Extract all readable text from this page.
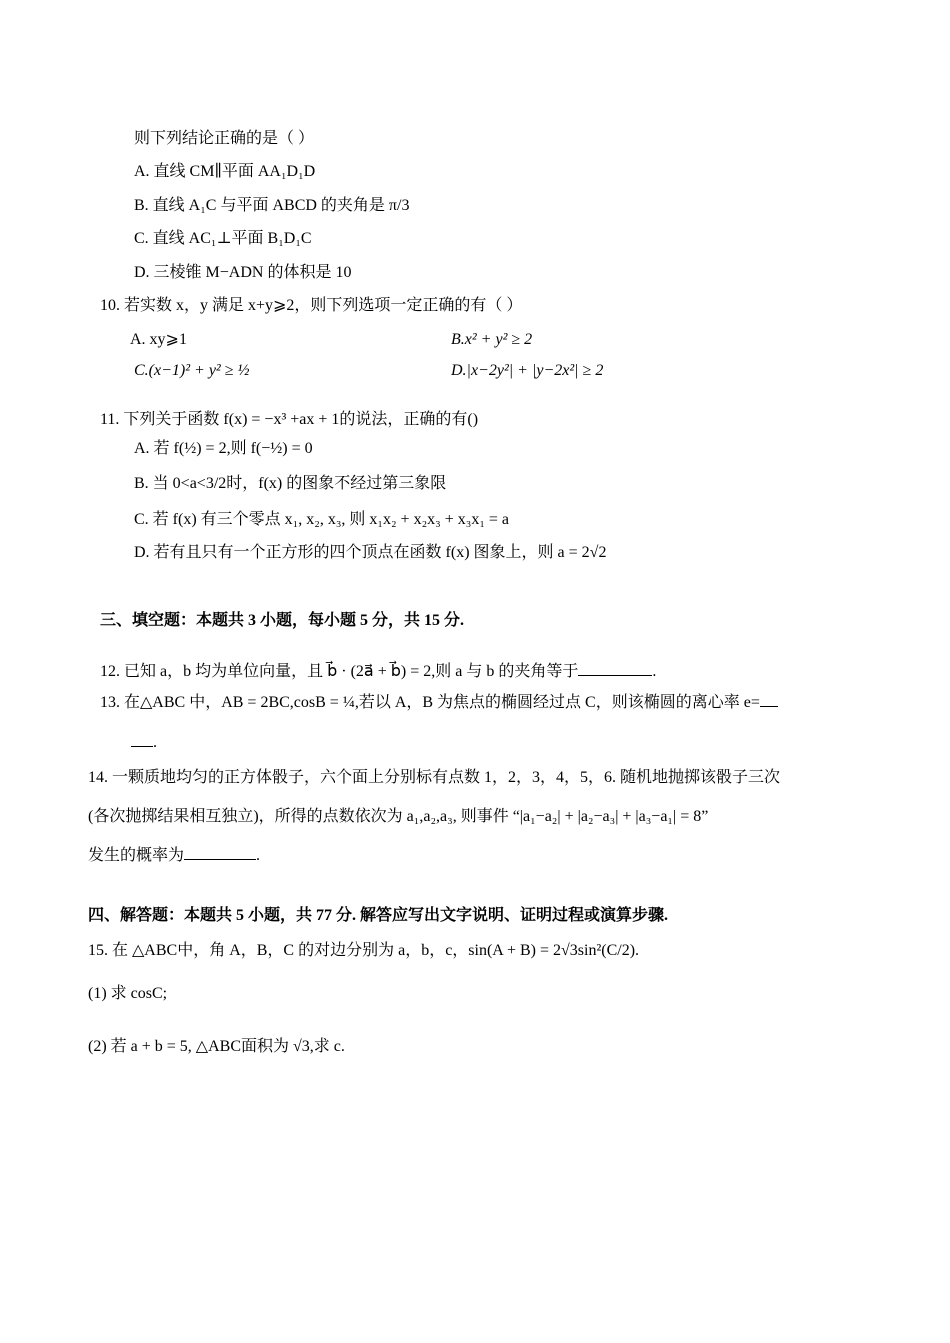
则下列结论正确的是（ ）
A. 直线 CM∥平面 AA₁D₁D
B. 直线 A₁C 与平面 ABCD 的夹角是 π/3
C. 直线 AC₁⊥平面 B₁D₁C
D. 三棱锥 M−ADN 的体积是 10
10. 若实数 x，y 满足 x+y⩾2，则下列选项一定正确的有（ ）
A. xy⩾1	B.x² + y² ≥ 2
C.(x−1)² + y² ≥ ½	D.|x−2y²| + |y−2x²| ≥ 2
11. 下列关于函数 f(x) = −x³ +ax + 1的说法，正确的有()
A. 若 f(½) = 2,则 f(−½) = 0
B. 当 0<a<3/2时，f(x) 的图象不经过第三象限
C. 若 f(x) 有三个零点 x₁, x₂, x₃, 则 x₁x₂ + x₂x₃ + x₃x₁ = a
D. 若有且只有一个正方形的四个顶点在函数 f(x) 图象上，则 a = 2√2
三、填空题：本题共 3 小题，每小题 5 分，共 15 分.
12. 已知 a，b 均为单位向量，且 b⃗ · (2a⃗ + b⃗) = 2,则 a 与 b 的夹角等于	.
13. 在△ABC 中，AB = 2BC,cosB = ¼,若以 A，B 为焦点的椭圆经过点 C，则该椭圆的离心率 e=
.
14. 一颗质地均匀的正方体骰子，六个面上分别标有点数 1，2，3，4，5，6. 随机地抛掷该骰子三次
(各次抛掷结果相互独立)，所得的点数依次为 a₁,a₂,a₃, 则事件 “|a₁−a₂| + |a₂−a₃| + |a₃−a₁| = 8”
发生的概率为	.
四、解答题：本题共 5 小题，共 77 分. 解答应写出文字说明、证明过程或演算步骤.
15. 在 △ABC中，角 A，B，C 的对边分别为 a，b，c，sin(A + B) = 2√3sin²(C/2).
(1) 求 cosC;
(2) 若 a + b = 5, △ABC面积为 √3,求 c.
